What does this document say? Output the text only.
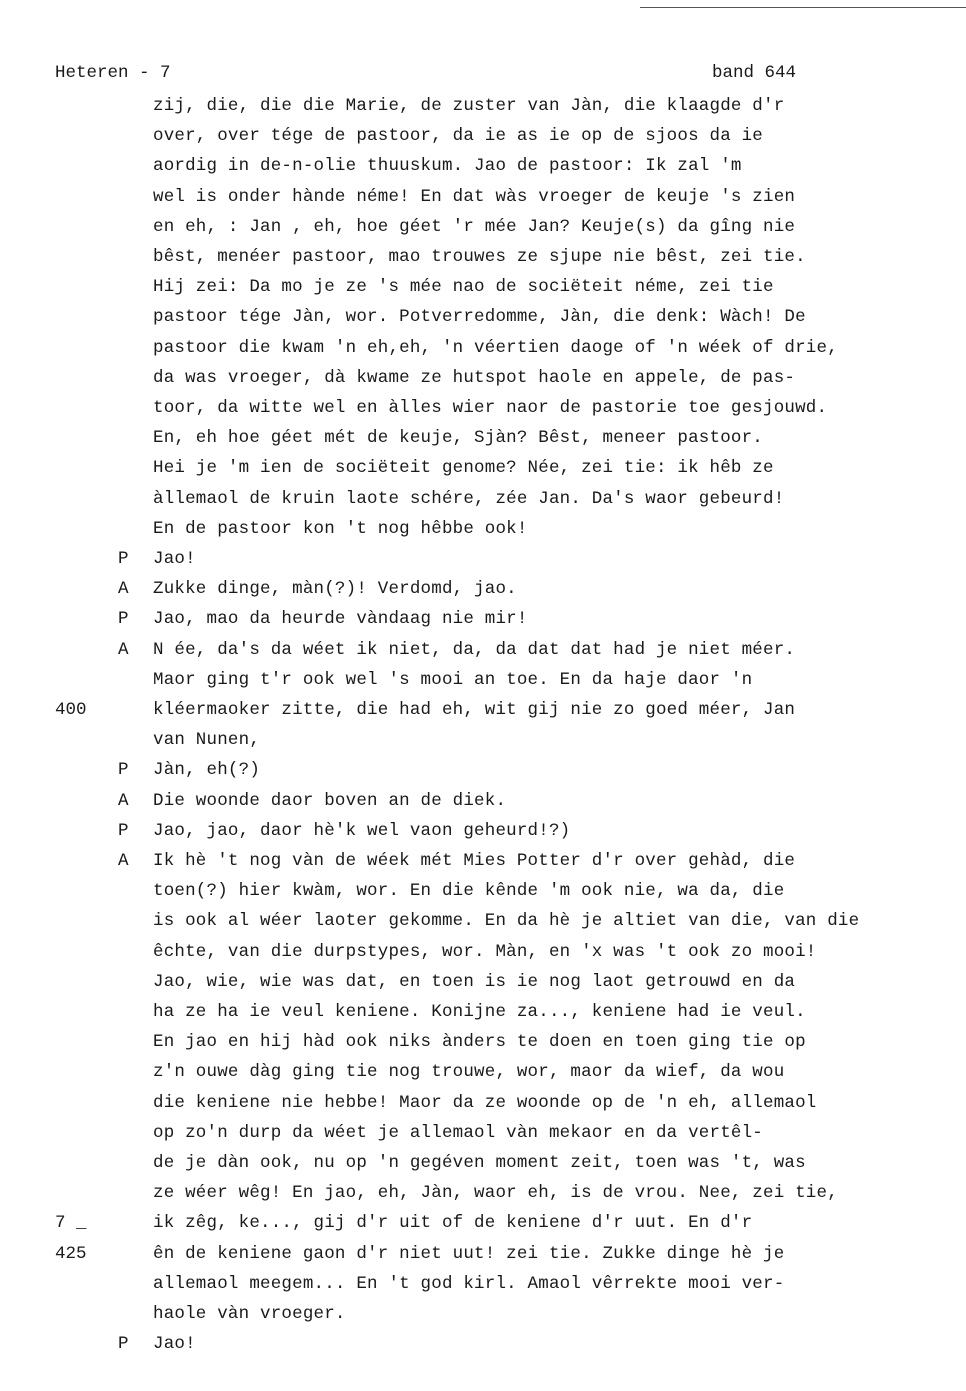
Heteren - 7	band 644
zij, die, die die Marie, de zuster van Jàn, die klaagde d'r
over, over tége de pastoor, da ie as ie op de sjoos da ie
aordig in de-n-olie thuuskum. Jao de pastoor: Ik zal 'm
wel is onder hànde néme! En dat wàs vroeger de keuje 's zien
en eh, : Jan , eh, hoe géet 'r mée Jan? Keuje(s) da gîng nie
bêst, menéer pastoor, mao trouwes ze sjupe nie bêst, zei tie.
Hij zei: Da mo je ze 's mée nao de sociëteit néme, zei tie
pastoor tége Jàn, wor. Potverredomme, Jàn, die denk: Wàch! De
pastoor die kwam 'n eh,eh, 'n véertien daoge of 'n wéek of drie,
da was vroeger, dà kwame ze hutspot haole en appele, de pas-
toor, da witte wel en àlles wier naor de pastorie toe gesjouwd.
En, eh hoe géet mét de keuje, Sjàn? Bêst, meneer pastoor.
Hei je 'm ien de sociëteit genome? Née, zei tie: ik hêb ze
àllemaol de kruin laote schére, zée Jan. Da's waor gebeurd!
En de pastoor kon 't nog hêbbe ook!
Jao!
P
Zukke dinge, màn(?)! Verdomd, jao.
A
Jao, mao da heurde vàndaag nie mir!
P
N ée, da's da wéet ik niet, da, da dat dat had je niet méer.
A
Maor ging t'r ook wel 's mooi an toe. En da haje daor 'n
kléermaoker zitte, die had eh, wit gij nie zo goed méer, Jan
400
van Nunen,
Jàn, eh(?)
P
Die woonde daor boven an de diek.
A
Jao, jao, daor hè'k wel vaon geheurd!?)
P
Ik hè 't nog vàn de wéek mét Mies Potter d'r over gehàd, die
A
toen(?) hier kwàm, wor. En die kênde 'm ook nie, wa da, die
is ook al wéer laoter gekomme. En da hè je altiet van die, van die
êchte, van die durpstypes, wor. Màn, en 'x was 't ook zo mooi!
Jao, wie, wie was dat, en toen is ie nog laot getrouwd en da
ha ze ha ie veul keniene. Konijne za..., keniene had ie veul.
En jao en hij hàd ook niks ànders te doen en toen ging tie op
z'n ouwe dàg ging tie nog trouwe, wor, maor da wief, da wou
die keniene nie hebbe! Maor da ze woonde op de 'n eh, allemaol
op zo'n durp da wéet je allemaol vàn mekaor en da vertêl-
de je dàn ook, nu op 'n gegéven moment zeit, toen was 't, was
ze wéer wêg! En jao, eh, Jàn, waor eh, is de vrou. Nee, zei tie,
ik zêg, ke..., gij d'r uit of de keniene d'r uut. En d'r
7 _
ên de keniene gaon d'r niet uut! zei tie. Zukke dinge hè je
425
allemaol meegem... En 't god kirl. Amaol vêrrekte mooi ver-
haole vàn vroeger.
Jao!
P
